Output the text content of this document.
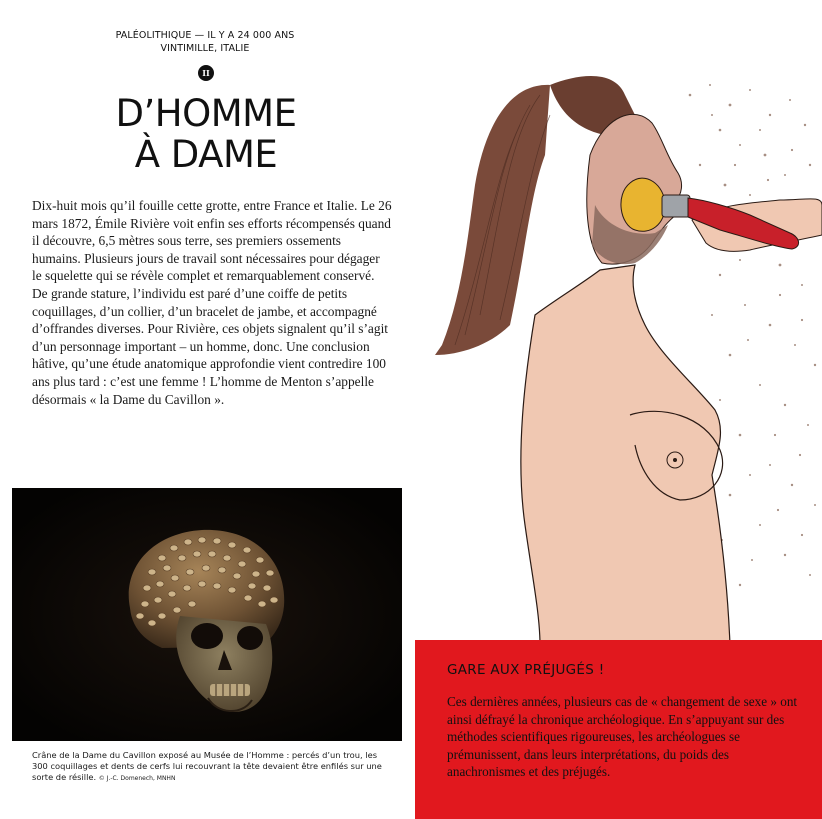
PALÉOLITHIQUE — IL Y A 24 000 ANS
VINTIMILLE, ITALIE
II
D’HOMME
À DAME

Dix-huit mois qu’il fouille cette grotte, entre France et Italie. Le 26 mars 1872, Émile Rivière voit enfin ses efforts récompensés quand il découvre, 6,5 mètres sous terre, ses premiers ossements humains. Plusieurs jours de travail sont nécessaires pour dégager le squelette qui se révèle complet et remarquablement conservé. De grande stature, l’individu est paré d’une coiffe de petits coquillages, d’un collier, d’un bracelet de jambe, et accompagné d’offrandes diverses. Pour Rivière, ces objets signalent qu’il s’agit d’un personnage important – un homme, donc. Une conclusion hâtive, qu’une étude anatomique approfondie vient contredire 100 ans plus tard : c’est une femme ! L’homme de Menton s’appelle désormais « la Dame du Cavillon ».

Crâne de la Dame du Cavillon exposé au Musée de l’Homme : percés d’un trou, les 300 coquillages et dents de cerfs lui recouvrant la tête devaient être enfilés sur une sorte de résille. © J.-C. Domenech, MNHN
GARE AUX PRÉJUGÉS !

Ces dernières années, plusieurs cas de « changement de sexe » ont ainsi défrayé la chronique archéologique. En s’appuyant sur des méthodes scientifiques rigoureuses, les archéologues se prémunissent, dans leurs interprétations, du poids des anachronismes et des préjugés.
